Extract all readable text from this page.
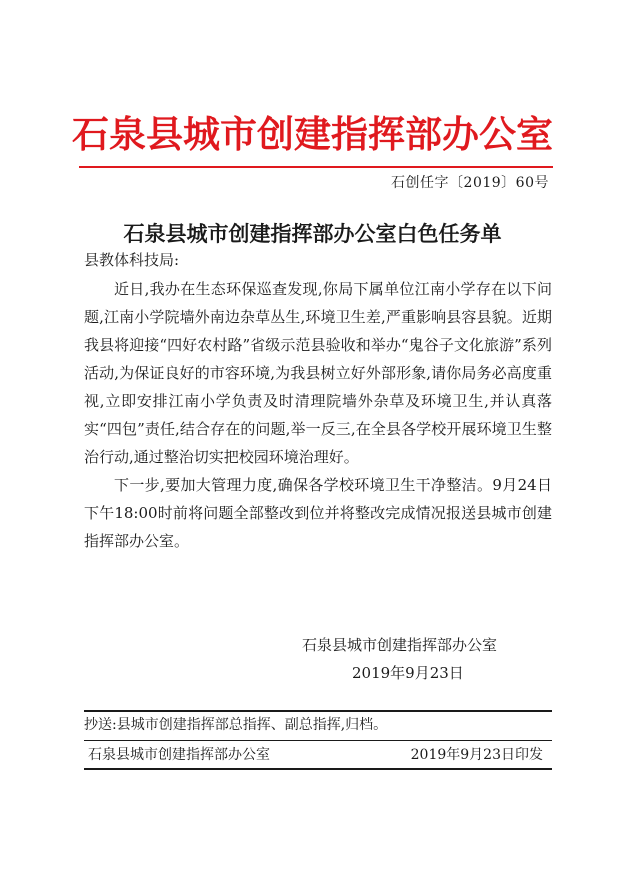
石泉县城市创建指挥部办公室
石创任字〔2019〕60号
石泉县城市创建指挥部办公室白色任务单
县教体科技局:

近日,我办在生态环保巡查发现,你局下属单位江南小学存在以下问题,江南小学院墙外南边杂草丛生,环境卫生差,严重影响县容县貌。近期我县将迎接“四好农村路”省级示范县验收和举办“鬼谷子文化旅游”系列活动,为保证良好的市容环境,为我县树立好外部形象,请你局务必高度重视,立即安排江南小学负责及时清理院墙外杂草及环境卫生,并认真落实“四包”责任,结合存在的问题,举一反三,在全县各学校开展环境卫生整治行动,通过整治切实把校园环境治理好。

下一步,要加大管理力度,确保各学校环境卫生干净整洁。9月24日下午18:00时前将问题全部整改到位并将整改完成情况报送县城市创建指挥部办公室。

石泉县城市创建指挥部办公室
2019年9月23日
抄送:县城市创建指挥部总指挥、副总指挥,归档。
石泉县城市创建指挥部办公室	2019年9月23日印发
